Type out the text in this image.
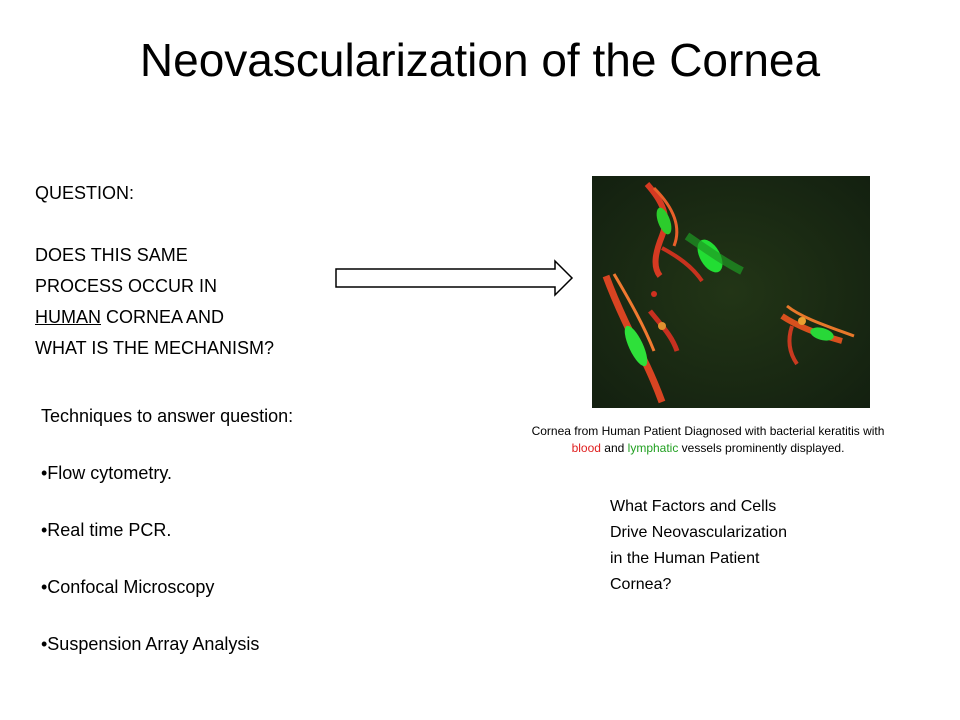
Neovascularization of the Cornea
QUESTION:
DOES THIS SAME
PROCESS OCCUR IN
HUMAN CORNEA AND
WHAT IS THE MECHANISM?
Cornea from Human Patient Diagnosed with bacterial keratitis with
blood and lymphatic vessels prominently displayed.
Techniques to answer question:
•Flow cytometry.
•Real time PCR.
•Confocal Microscopy
•Suspension Array Analysis
What Factors and Cells
Drive Neovascularization
in the Human Patient
Cornea?
